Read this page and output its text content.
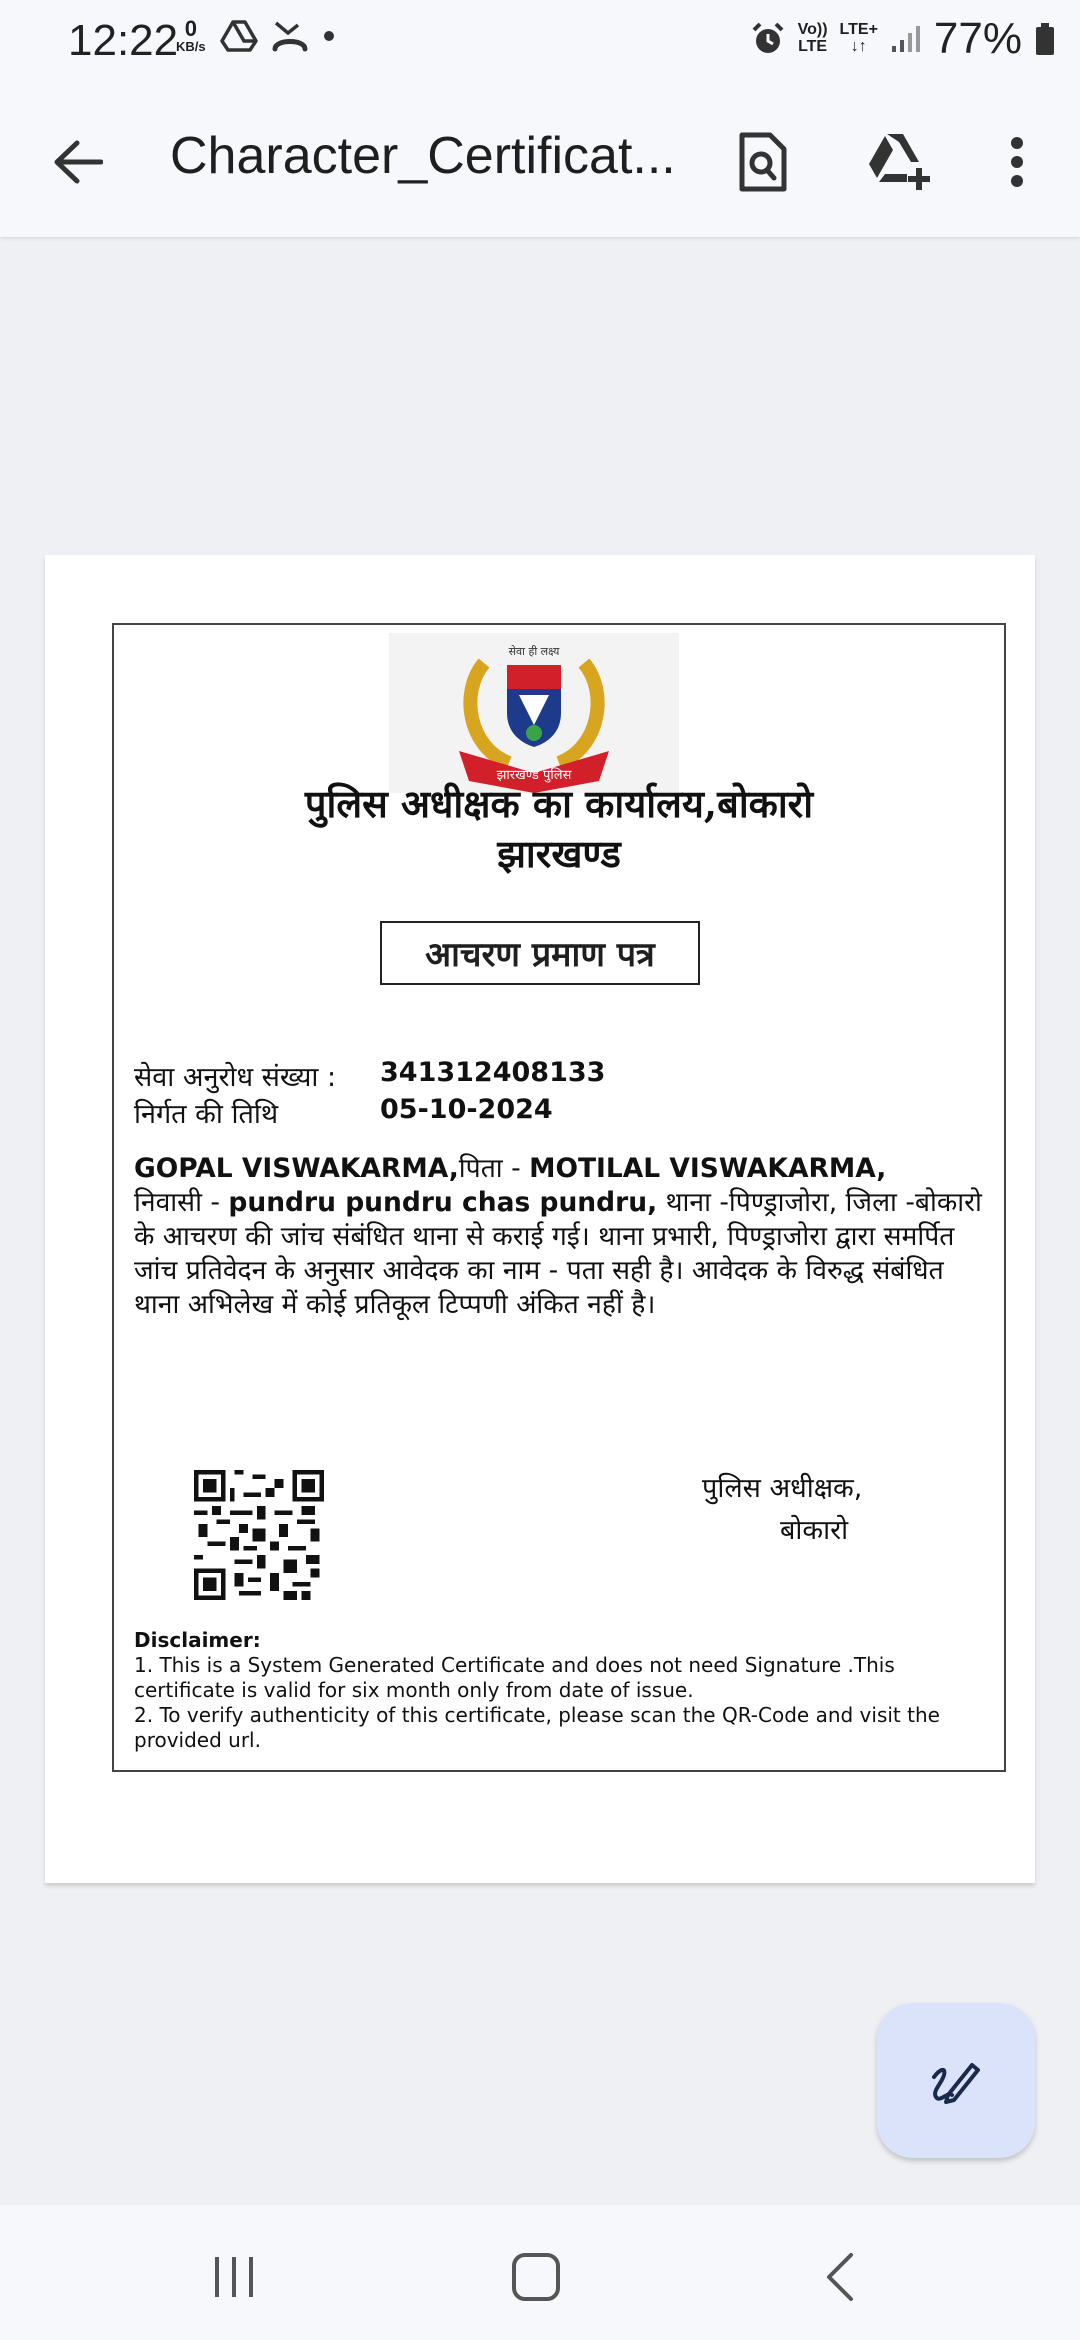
12:22 0
KB/s
Vo))
LTE
LTE+
↓↑ 77%
Character_Certificat...
सेवा ही लक्ष्य
झारखण्ड पुलिस
पुलिस अधीक्षक का कार्यालय,बोकारो
झारखण्ड
आचरण प्रमाण पत्र
सेवा अनुरोध संख्या : 341312408133
निर्गत की तिथि	05-10-2024
GOPAL VISWAKARMA,पिता - MOTILAL VISWAKARMA,
निवासी - pundru pundru chas pundru, थाना -पिण्ड्राजोरा, जिला -बोकारो के आचरण की जांच संबंधित थाना से कराई गई। थाना प्रभारी, पिण्ड्राजोरा द्वारा समर्पित जांच प्रतिवेदन के अनुसार आवेदक का नाम - पता सही है। आवेदक के विरुद्ध संबंधित थाना अभिलेख में कोई प्रतिकूल टिप्पणी अंकित नहीं है।
पुलिस अधीक्षक,
बोकारो
Disclaimer:
1. This is a System Generated Certificate and does not need Signature .This certificate is valid for six month only from date of issue.
2. To verify authenticity of this certificate, please scan the QR-Code and visit the provided url.
